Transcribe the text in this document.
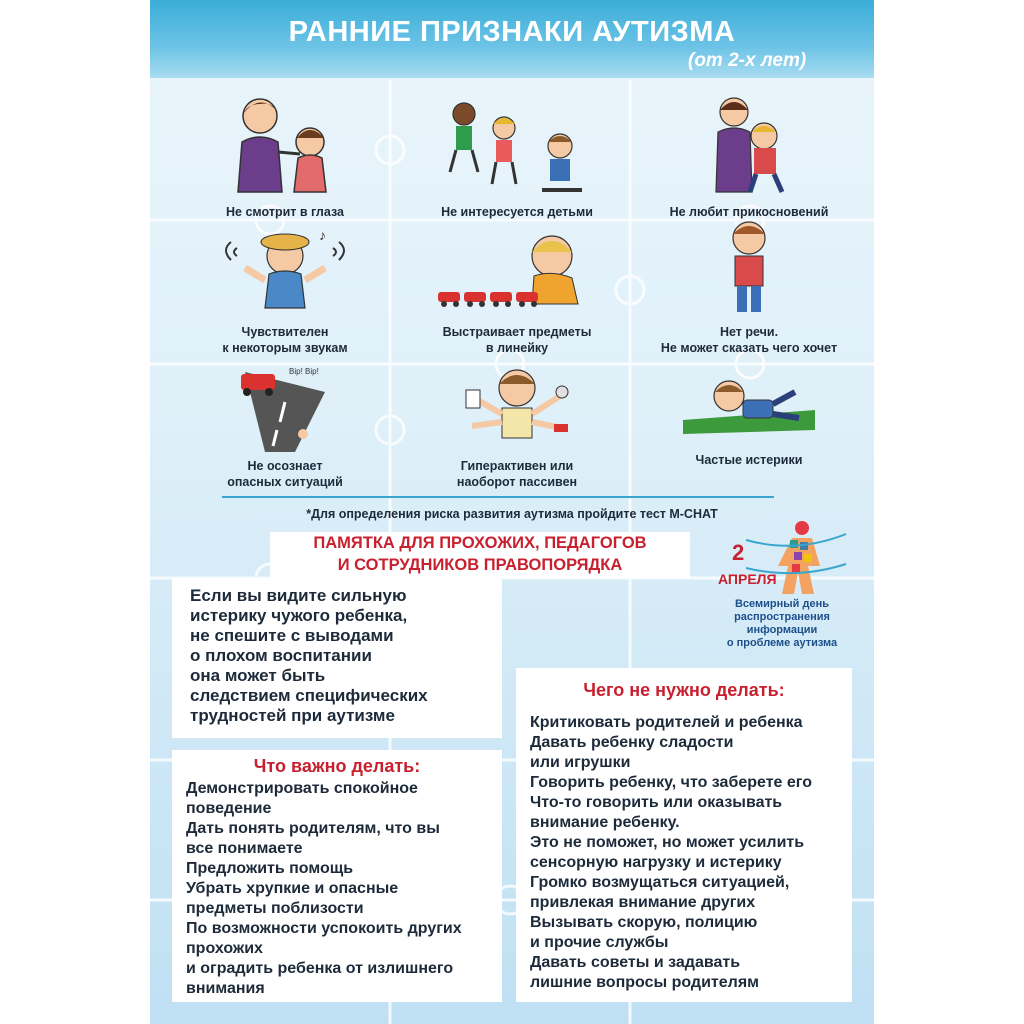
РАННИЕ ПРИЗНАКИ АУТИЗМА
(от 2-х лет)
Не смотрит в глаза	Не интересуется детьми	Не любит прикосновений
♪
Чувствителен
к некоторым звукам
Выстраивает предметы
в линейку
Нет речи.
Не может сказать чего хочет
Bip! Bip!
Не осознает
опасных ситуаций
Гиперактивен или
наоборот пассивен
Частые истерики
*Для определения риска развития аутизма пройдите тест M-CHAT
ПАМЯТКА ДЛЯ ПРОХОЖИХ, ПЕДАГОГОВ
И СОТРУДНИКОВ ПРАВОПОРЯДКА	2
АПРЕЛЯ
Всемирный день
распространения
информации
о проблеме аутизма
Если вы видите сильную
истерику чужого ребенка,
не спешите с выводами
о плохом воспитании
она может быть
следствием специфических
трудностей при аутизме
Что важно делать:
Демонстрировать спокойное
поведение
Дать понять родителям, что вы
все понимаете
Предложить помощь
Убрать хрупкие и опасные
предметы поблизости
По возможности успокоить других
прохожих
и оградить ребенка от излишнего
внимания
Чего не нужно делать:
Критиковать родителей и ребенка
Давать ребенку сладости
или игрушки
Говорить ребенку, что заберете его
Что-то говорить или оказывать
внимание ребенку.
Это не поможет, но может усилить
сенсорную нагрузку и истерику
Громко возмущаться ситуацией,
привлекая внимание других
Вызывать скорую, полицию
и прочие службы
Давать советы и задавать
лишние вопросы родителям
